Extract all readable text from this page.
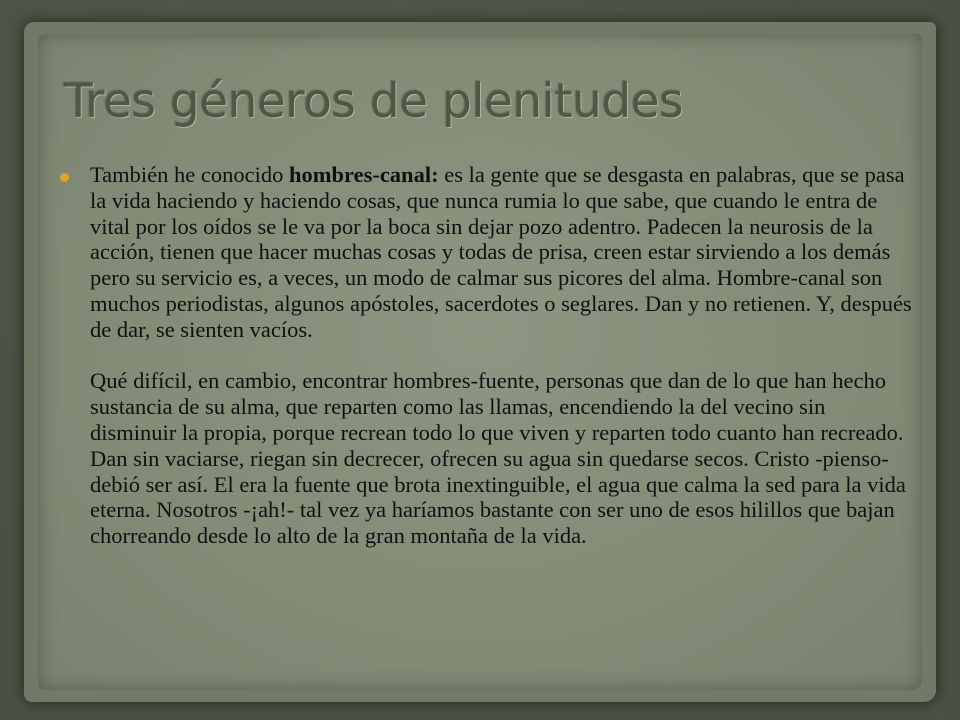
Tres géneros de plenitudes

También he conocido hombres-canal: es la gente que se desgasta en palabras, que se pasa la vida haciendo y haciendo cosas, que nunca rumia lo que sabe, que cuando le entra de vital por los oídos se le va por la boca sin dejar pozo adentro. Padecen la neurosis de la acción, tienen que hacer muchas cosas y todas de prisa, creen estar sirviendo a los demás pero su servicio es, a veces, un modo de calmar sus picores del alma. Hombre-canal son muchos periodistas, algunos apóstoles, sacerdotes o seglares. Dan y no retienen. Y, después de dar, se sienten vacíos.

Qué difícil, en cambio, encontrar hombres-fuente, personas que dan de lo que han hecho sustancia de su alma, que reparten como las llamas, encendiendo la del vecino sin disminuir la propia, porque recrean todo lo que viven y reparten todo cuanto han recreado. Dan sin vaciarse, riegan sin decrecer, ofrecen su agua sin quedarse secos. Cristo -pienso- debió ser así. El era la fuente que brota inextinguible, el agua que calma la sed para la vida eterna. Nosotros -¡ah!- tal vez ya haríamos bastante con ser uno de esos hilillos que bajan chorreando desde lo alto de la gran montaña de la vida.
